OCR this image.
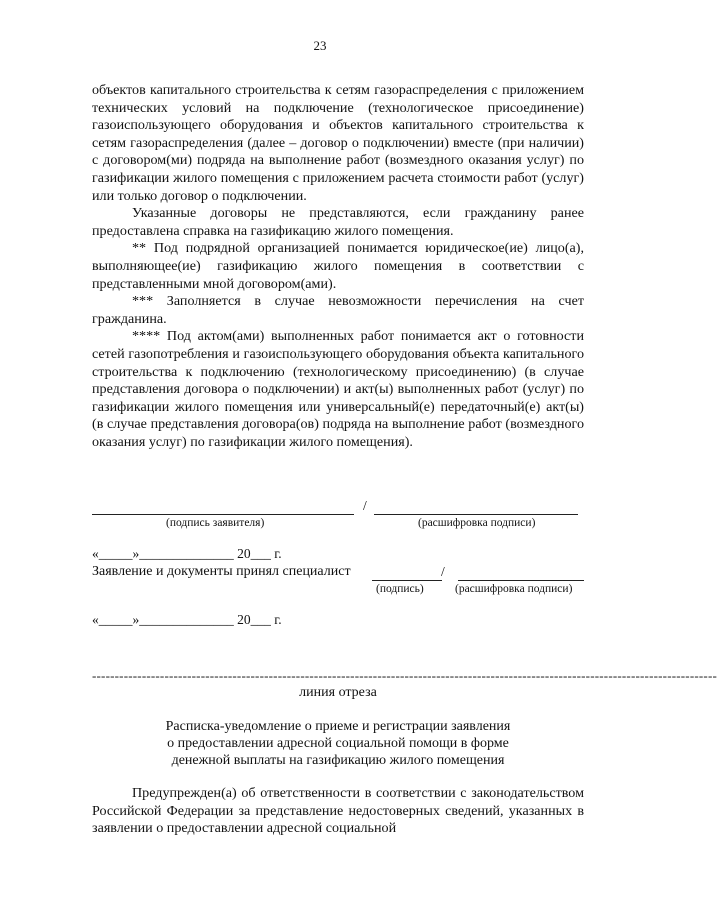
23

объектов капитального строительства к сетям газораспределения с приложением технических условий на подключение (технологическое присоединение) газоиспользующего оборудования и объектов капитального строительства к сетям газораспределения (далее – договор о подключении) вместе (при наличии) с договором(ми) подряда на выполнение работ (возмездного оказания услуг) по газификации жилого помещения с приложением расчета стоимости работ (услуг) или только договор о подключении.

Указанные договоры не представляются, если гражданину ранее предоставлена справка на газификацию жилого помещения.

** Под подрядной организацией понимается юридическое(ие) лицо(а), выполняющее(ие) газификацию жилого помещения в соответствии с представленными мной договором(ами).

*** Заполняется в случае невозможности перечисления на счет гражданина.

**** Под актом(ами) выполненных работ понимается акт о готовности сетей газопотребления и газоиспользующего оборудования объекта капитального строительства к подключению (технологическому присоединению) (в случае представления договора о подключении) и акт(ы) выполненных работ (услуг) по газификации жилого помещения или универсальный(е) передаточный(е) акт(ы) (в случае представления договора(ов) подряда на выполнение работ (возмездного оказания услуг) по газификации жилого помещения).

/
(подпись заявителя)	(расшифровка подписи)
«_____»______________ 20___ г.
Заявление и документы принял специалист	/
(подпись)	(расшифровка подписи)
«_____»______________ 20___ г.
------------------------------------------------------------------------------------------------------------------------------------------
линия отреза
Расписка-уведомление о приеме и регистрации заявления
о предоставлении адресной социальной помощи в форме
денежной выплаты на газификацию жилого помещения

Предупрежден(а) об ответственности в соответствии с законодательством Российской Федерации за представление недостоверных сведений, указанных в заявлении о предоставлении адресной социальной
